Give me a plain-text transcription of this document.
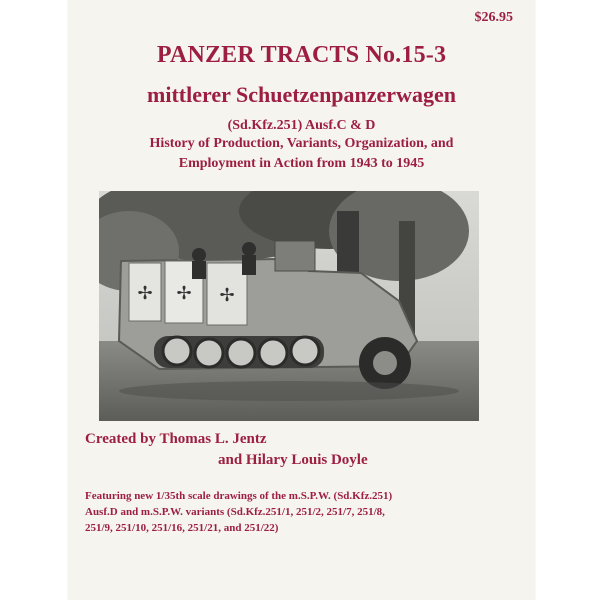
$26.95
PANZER TRACTS No.15-3
mittlerer Schuetzenpanzerwagen
(Sd.Kfz.251) Ausf.C & D
History of Production, Variants, Organization, and
Employment in Action from 1943 to 1945
✢ ✢ ✢
Created by Thomas L. Jentz
and Hilary Louis Doyle
Featuring new 1/35th scale drawings of the m.S.P.W. (Sd.Kfz.251)
Ausf.D and m.S.P.W. variants (Sd.Kfz.251/1, 251/2, 251/7, 251/8,
251/9, 251/10, 251/16, 251/21, and 251/22)
